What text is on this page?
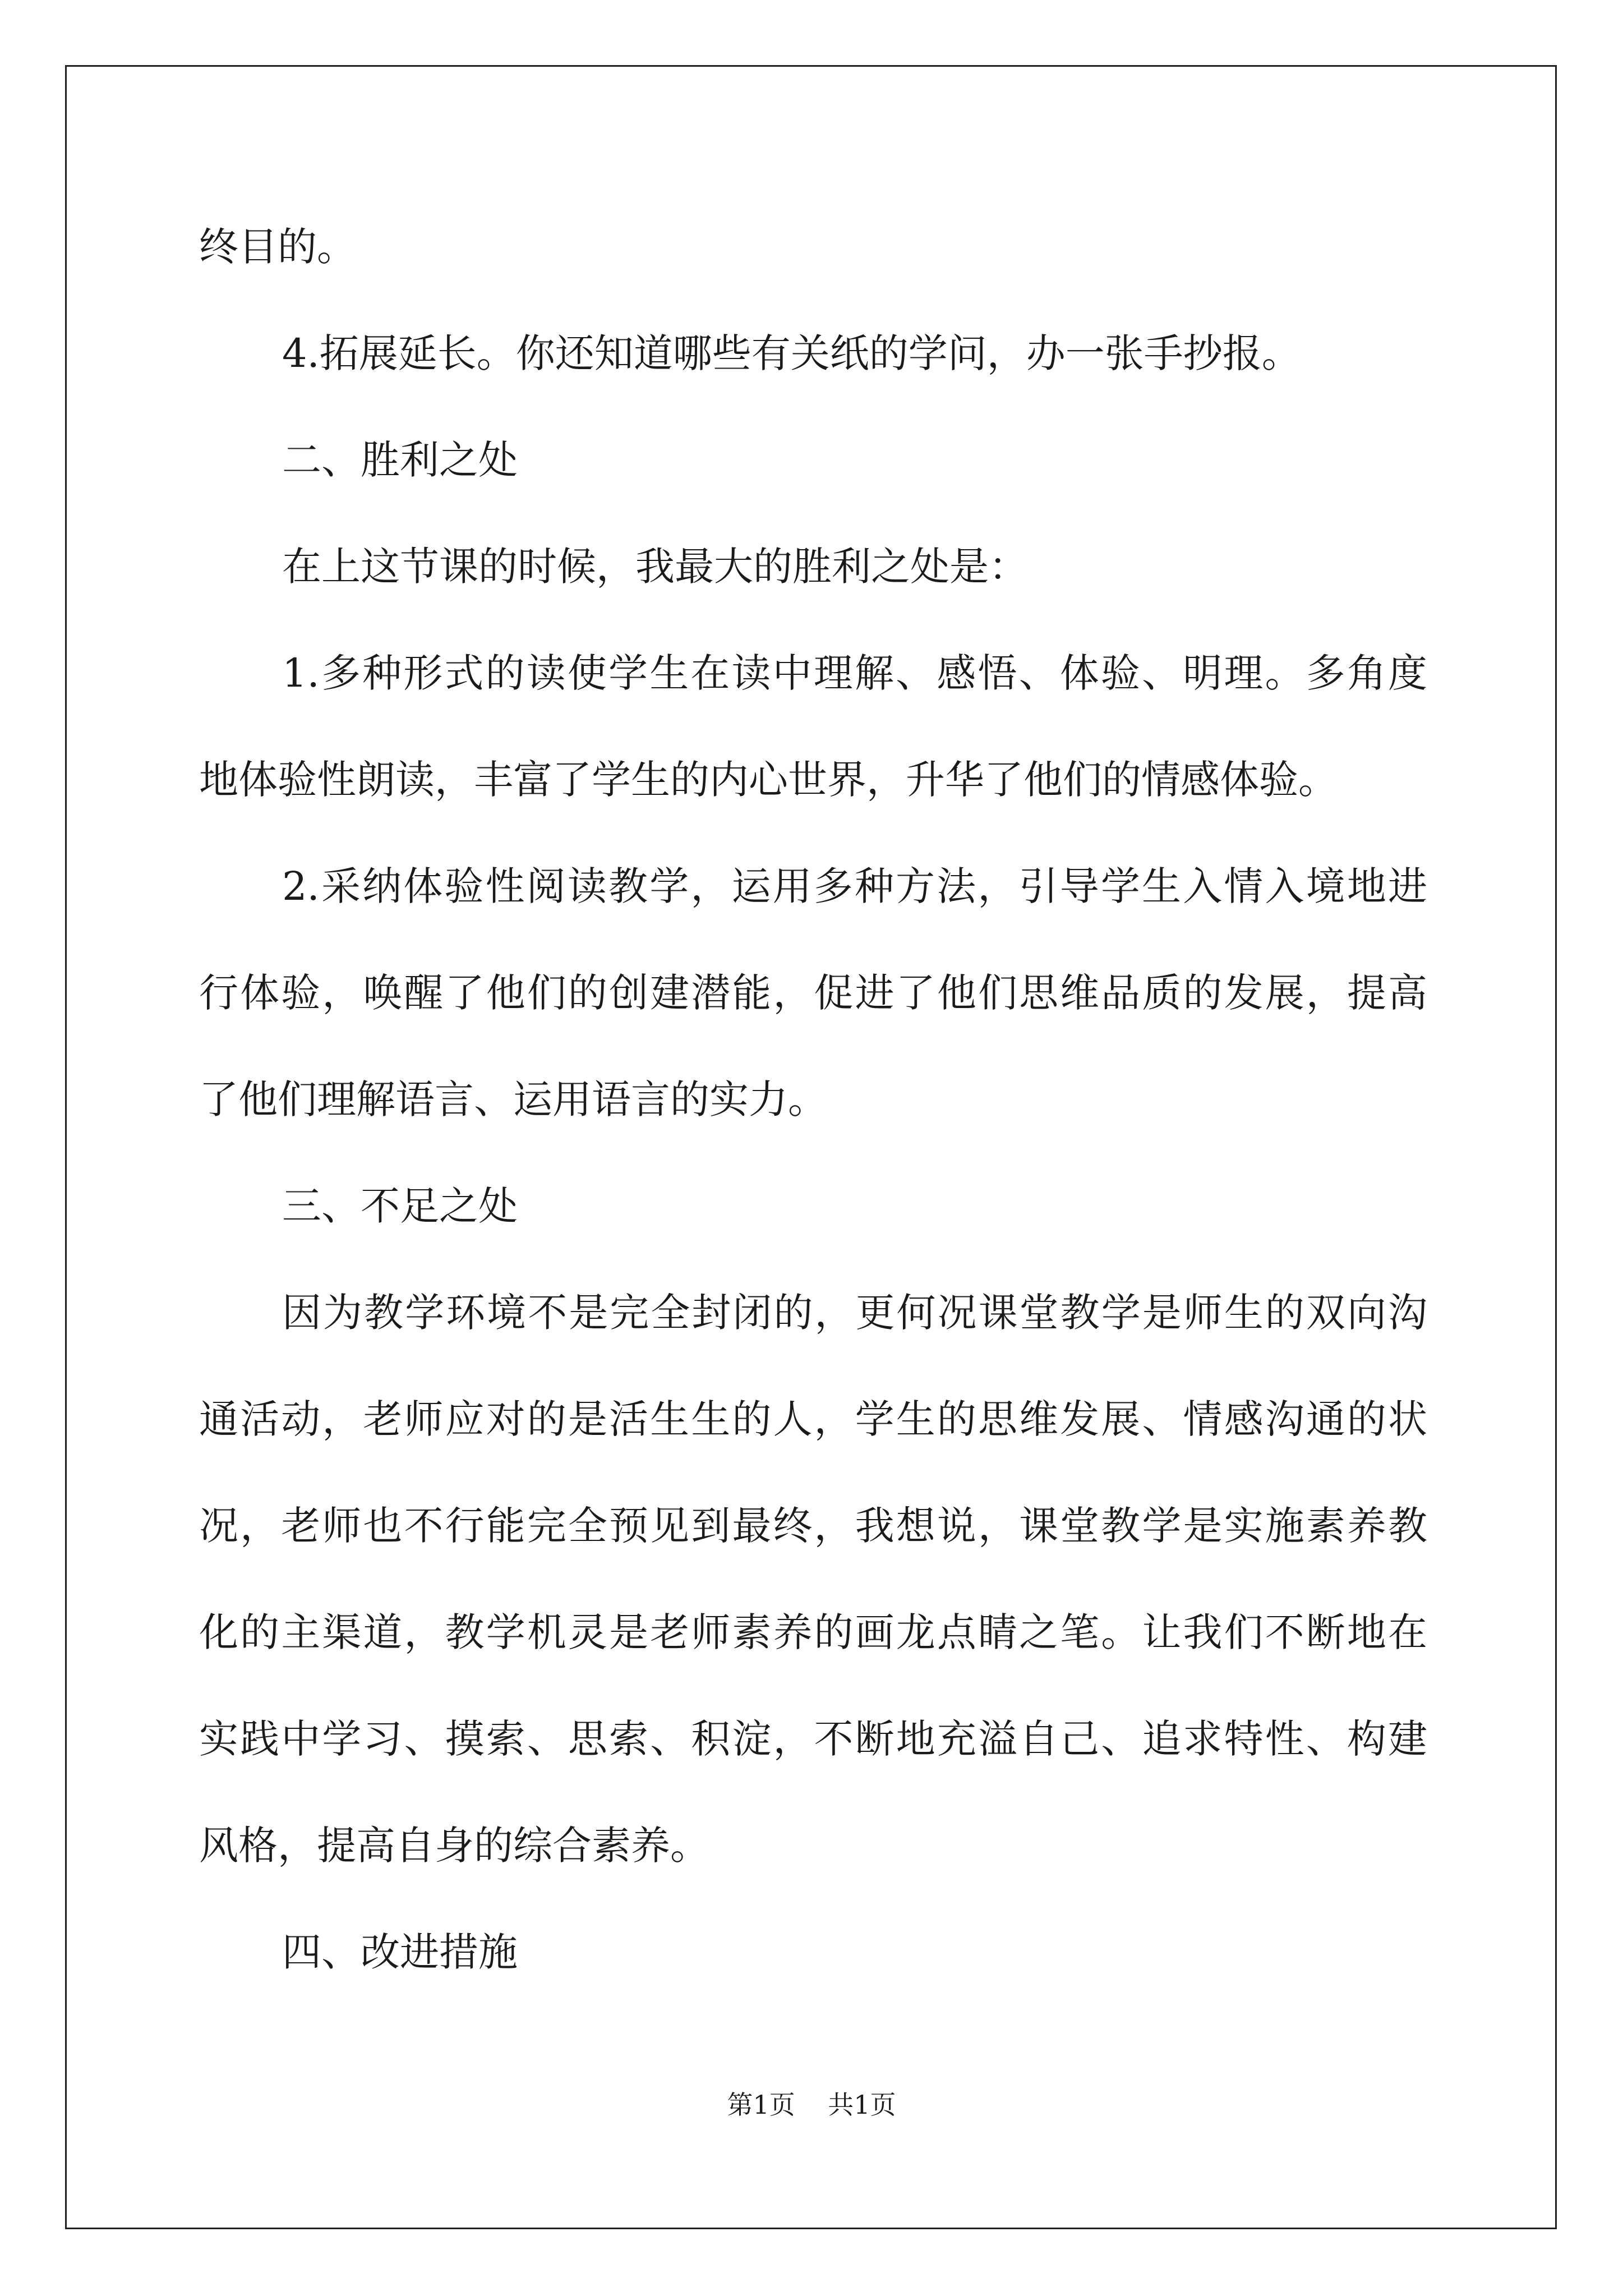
终目的。
4.拓展延长。你还知道哪些有关纸的学问，办一张手抄报。
二、胜利之处
在上这节课的时候，我最大的胜利之处是：
1.多种形式的读使学生在读中理解、感悟、体验、明理。多角度
地体验性朗读，丰富了学生的内心世界，升华了他们的情感体验。
2.采纳体验性阅读教学，运用多种方法，引导学生入情入境地进
行体验，唤醒了他们的创建潜能，促进了他们思维品质的发展，提高
了他们理解语言、运用语言的实力。
三、不足之处
因为教学环境不是完全封闭的，更何况课堂教学是师生的双向沟
通活动，老师应对的是活生生的人，学生的思维发展、情感沟通的状
况，老师也不行能完全预见到最终，我想说，课堂教学是实施素养教
化的主渠道，教学机灵是老师素养的画龙点睛之笔。让我们不断地在
实践中学习、摸索、思索、积淀，不断地充溢自己、追求特性、构建
风格，提高自身的综合素养。
四、改进措施
第1页 共1页
